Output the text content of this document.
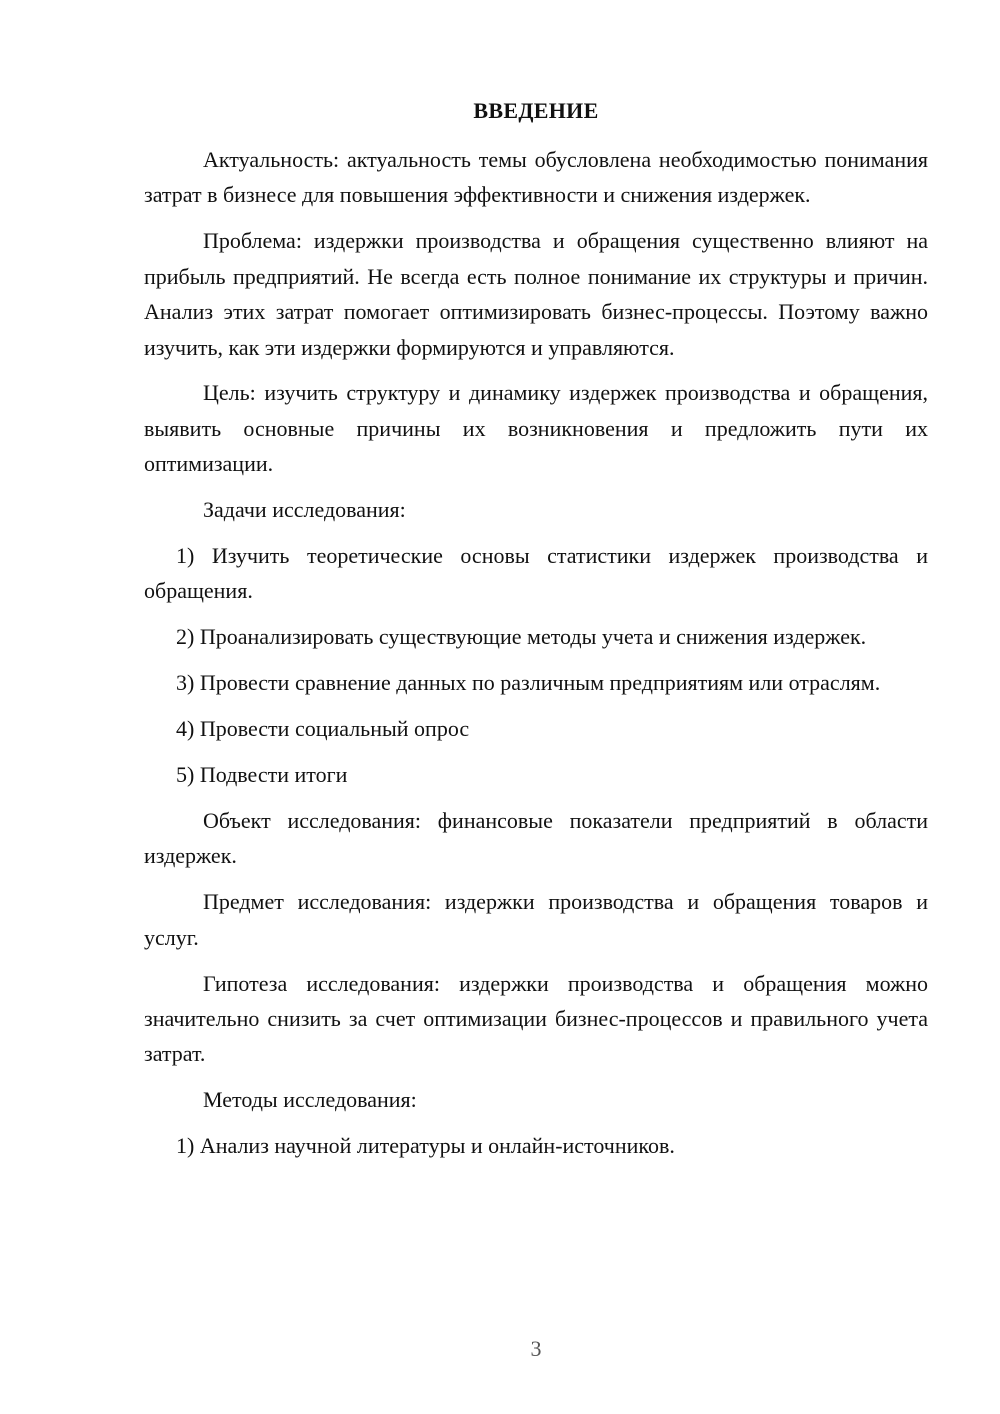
ВВЕДЕНИЕ

Актуальность: актуальность темы обусловлена необходимостью понимания затрат в бизнесе для повышения эффективности и снижения издержек.

Проблема: издержки производства и обращения существенно влияют на прибыль предприятий. Не всегда есть полное понимание их структуры и причин. Анализ этих затрат помогает оптимизировать бизнес-процессы. Поэтому важно изучить, как эти издержки формируются и управляются.

Цель: изучить структуру и динамику издержек производства и обращения, выявить основные причины их возникновения и предложить пути их оптимизации.

Задачи исследования:

1) Изучить теоретические основы статистики издержек производства и обращения.

2) Проанализировать существующие методы учета и снижения издержек.

3) Провести сравнение данных по различным предприятиям или отраслям.

4) Провести социальный опрос

5) Подвести итоги

Объект исследования: финансовые показатели предприятий в области издержек.

Предмет исследования: издержки производства и обращения товаров и услуг.

Гипотеза исследования: издержки производства и обращения можно значительно снизить за счет оптимизации бизнес-процессов и правильного учета затрат.

Методы исследования:

1) Анализ научной литературы и онлайн-источников.

3
